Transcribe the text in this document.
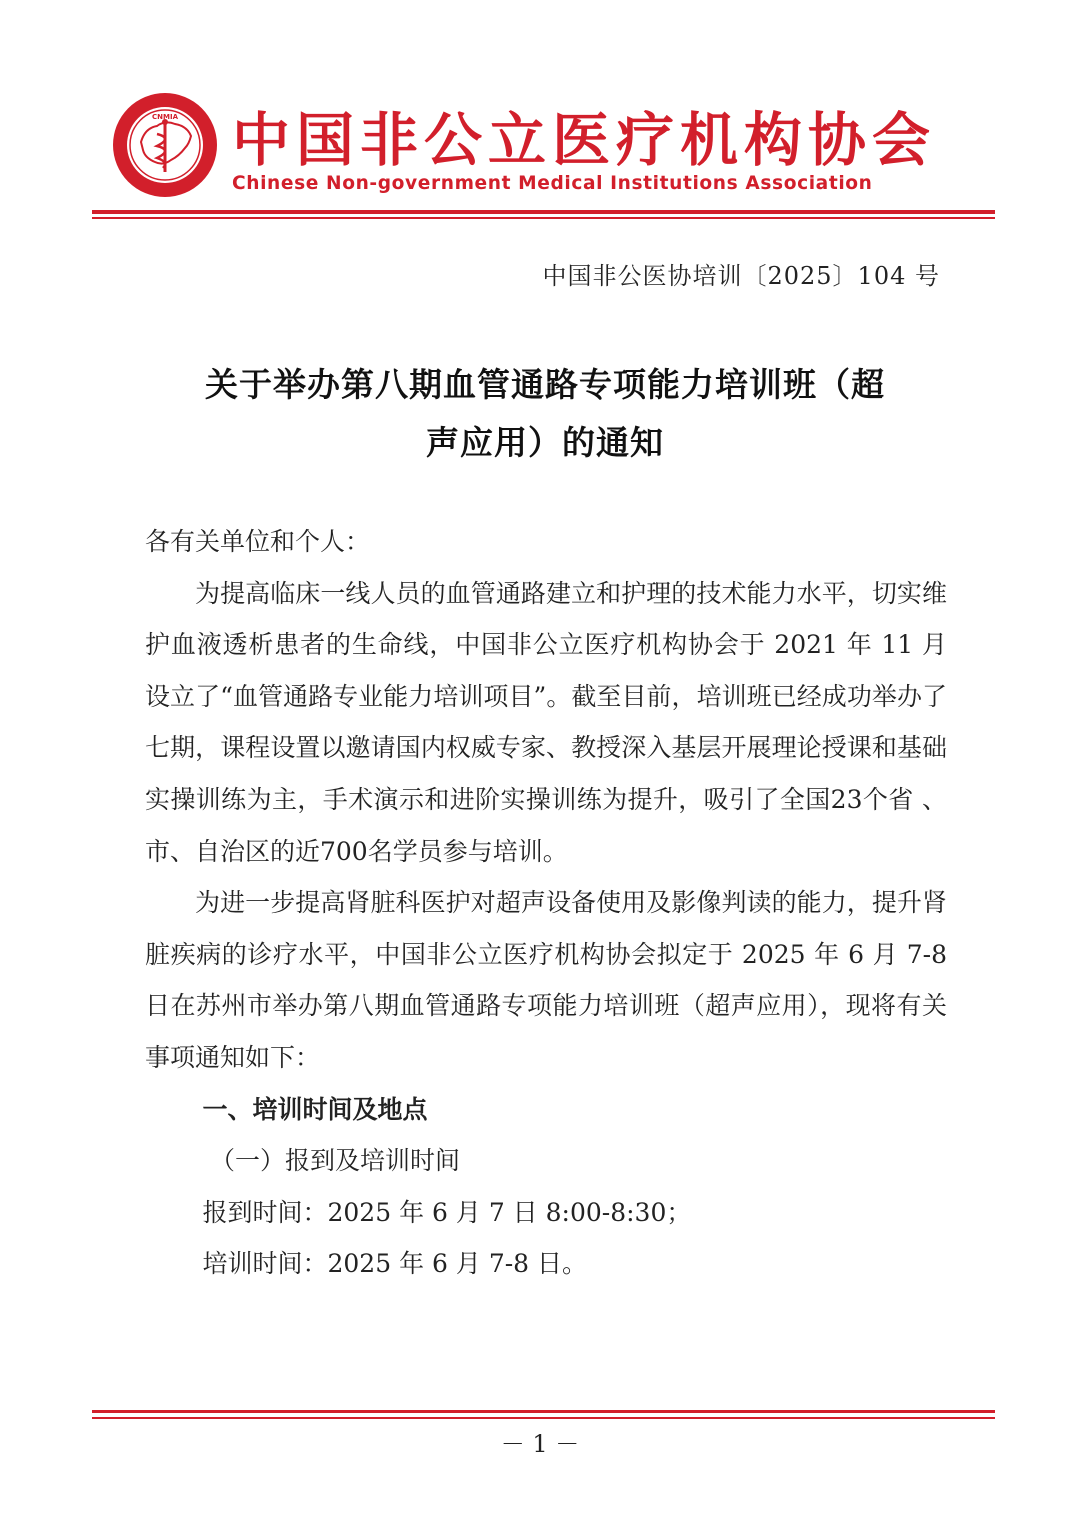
CNMIA 中国非公立医疗机构协会
Chinese Non-government Medical Institutions Association
中国非公医协培训〔2025〕104 号
关于举办第八期血管通路专项能力培训班（超
声应用）的通知

各有关单位和个人：

为提高临床一线人员的血管通路建立和护理的技术能力水平，切实维护血液透析患者的生命线，中国非公立医疗机构协会于 2021 年 11 月设立了“血管通路专业能力培训项目”。截至目前，培训班已经成功举办了七期，课程设置以邀请国内权威专家、教授深入基层开展理论授课和基础实操训练为主，手术演示和进阶实操训练为提升，吸引了全国23个省 、市、自治区的近700名学员参与培训。

为进一步提高肾脏科医护对超声设备使用及影像判读的能力，提升肾脏疾病的诊疗水平，中国非公立医疗机构协会拟定于 2025 年 6 月 7-8 日在苏州市举办第八期血管通路专项能力培训班（超声应用），现将有关事项通知如下：

一、培训时间及地点

（一）报到及培训时间

报到时间：2025 年 6 月 7 日 8:00-8:30；

培训时间：2025 年 6 月 7-8 日。

－ 1 －
